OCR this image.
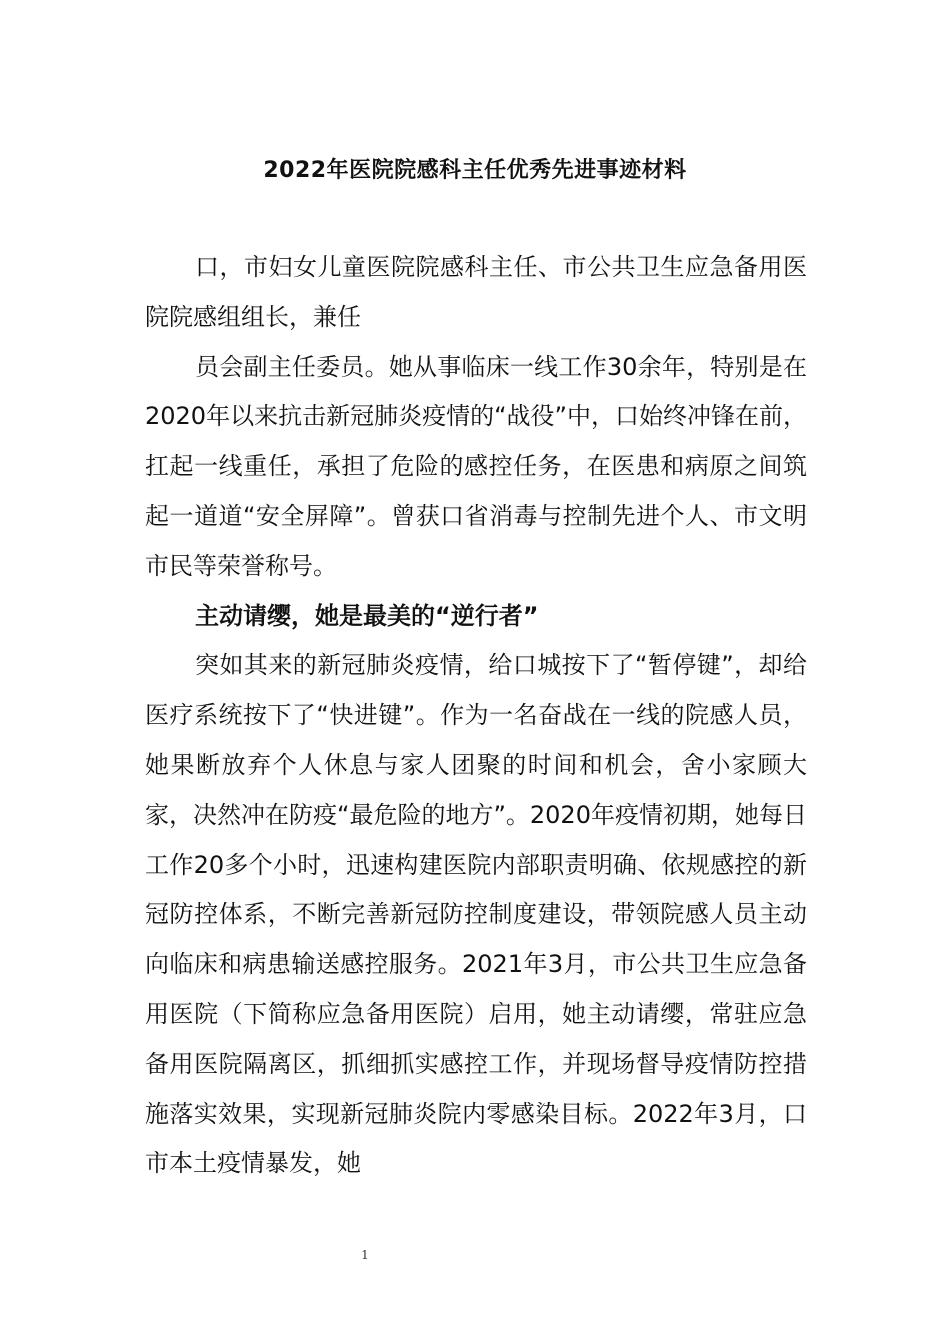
2022年医院院感科主任优秀先进事迹材料

口，市妇女儿童医院院感科主任、市公共卫生应急备用医院院感组组长，兼任

员会副主任委员。她从事临床一线工作30余年，特别是在2020年以来抗击新冠肺炎疫情的“战役”中，口始终冲锋在前，扛起一线重任，承担了危险的感控任务，在医患和病原之间筑起一道道“安全屏障”。曾获口省消毒与控制先进个人、市文明市民等荣誉称号。

主动请缨，她是最美的“逆行者”

突如其来的新冠肺炎疫情，给口城按下了“暂停键”，却给医疗系统按下了“快进键”。作为一名奋战在一线的院感人员，她果断放弃个人休息与家人团聚的时间和机会，舍小家顾大家，决然冲在防疫“最危险的地方”。2020年疫情初期，她每日工作20多个小时，迅速构建医院内部职责明确、依规感控的新冠防控体系，不断完善新冠防控制度建设，带领院感人员主动向临床和病患输送感控服务。2021年3月，市公共卫生应急备用医院（下简称应急备用医院）启用，她主动请缨，常驻应急备用医院隔离区，抓细抓实感控工作，并现场督导疫情防控措施落实效果，实现新冠肺炎院内零感染目标。2022年3月，口市本土疫情暴发，她

1
